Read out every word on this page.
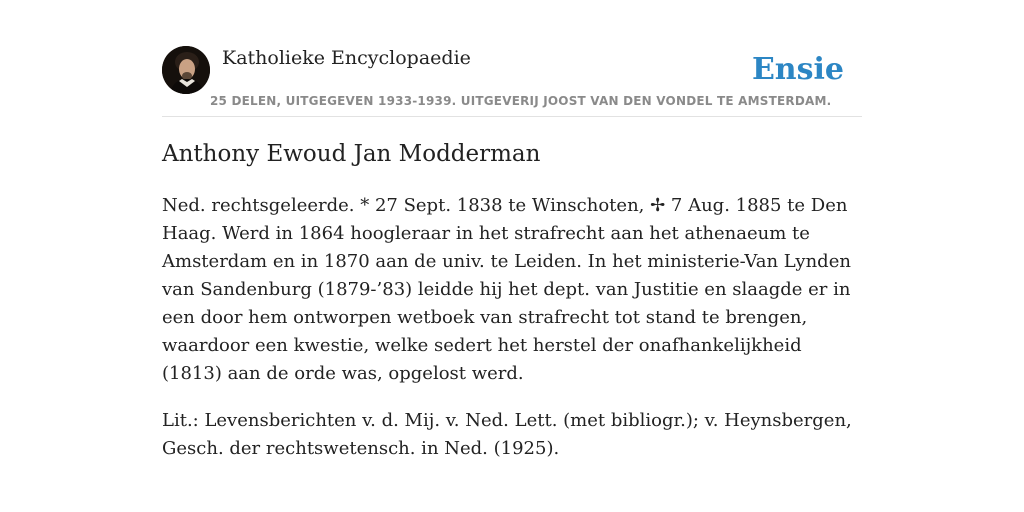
Katholieke Encyclopaedie
25 DELEN, UITGEGEVEN 1933-1939. UITGEVERIJ JOOST VAN DEN VONDEL TE AMSTERDAM.
Ensie
Anthony Ewoud Jan Modderman

Ned. rechtsgeleerde. * 27 Sept. 1838 te Winschoten, ✢ 7 Aug. 1885 te Den Haag. Werd in 1864 hoogleraar in het strafrecht aan het athenaeum te Amsterdam en in 1870 aan de univ. te Leiden. In het ministerie-Van Lynden van Sandenburg (1879-’83) leidde hij het dept. van Justitie en slaagde er in een door hem ontworpen wetboek van strafrecht tot stand te brengen, waardoor een kwestie, welke sedert het herstel der onafhankelijkheid (1813) aan de orde was, opgelost werd.

Lit.: Levensberichten v. d. Mij. v. Ned. Lett. (met bibliogr.); v. Heynsbergen, Gesch. der rechtswetensch. in Ned. (1925).
